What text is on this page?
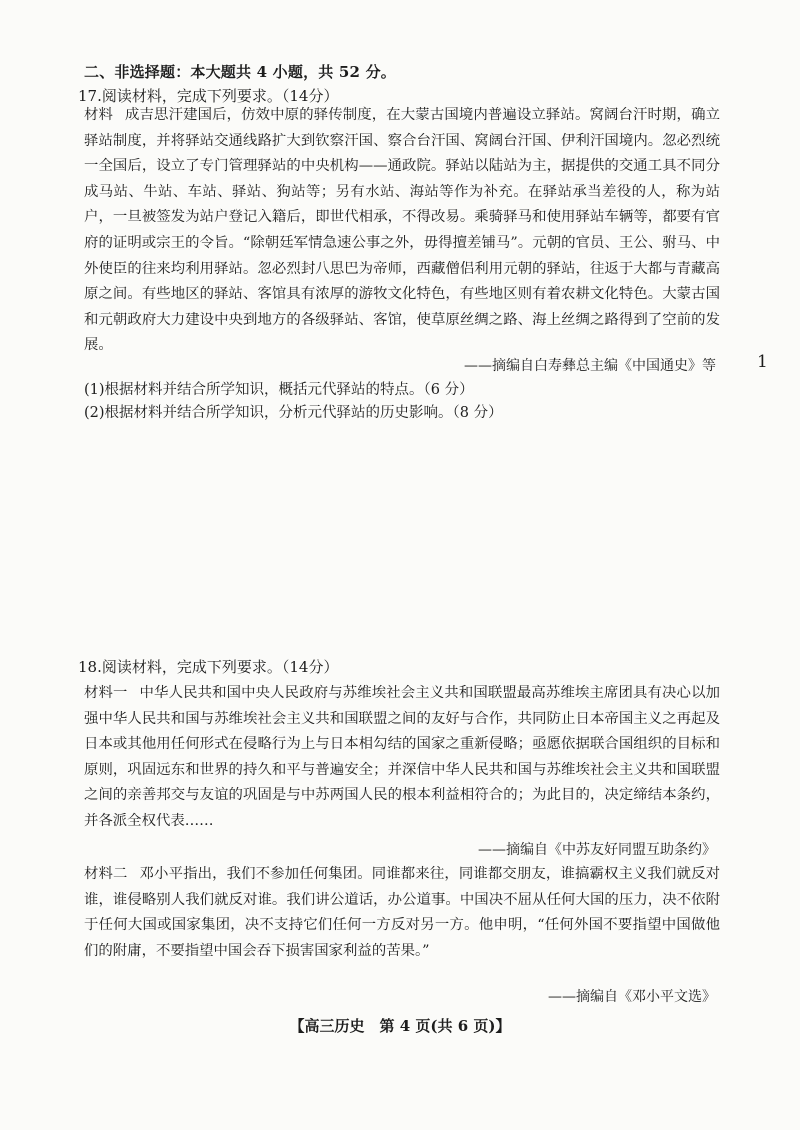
二、非选择题：本大题共 4 小题，共 52 分。
17.阅读材料，完成下列要求。（14分）
材料 成吉思汗建国后，仿效中原的驿传制度，在大蒙古国境内普遍设立驿站。窝阔台汗时期，确立驿站制度，并将驿站交通线路扩大到钦察汗国、察合台汗国、窝阔台汗国、伊利汗国境内。忽必烈统一全国后，设立了专门管理驿站的中央机构——通政院。驿站以陆站为主，据提供的交通工具不同分成马站、牛站、车站、驿站、狗站等；另有水站、海站等作为补充。在驿站承当差役的人，称为站户，一旦被签发为站户登记入籍后，即世代相承，不得改易。乘骑驿马和使用驿站车辆等，都要有官府的证明或宗王的令旨。“除朝廷军情急速公事之外，毋得擅差铺马”。元朝的官员、王公、驸马、中外使臣的往来均利用驿站。忽必烈封八思巴为帝师，西藏僧侣利用元朝的驿站，往返于大都与青藏高原之间。有些地区的驿站、客馆具有浓厚的游牧文化特色，有些地区则有着农耕文化特色。大蒙古国和元朝政府大力建设中央到地方的各级驿站、客馆，使草原丝绸之路、海上丝绸之路得到了空前的发展。
——摘编自白寿彝总主编《中国通史》等 1
(1)根据材料并结合所学知识，概括元代驿站的特点。（6 分）
(2)根据材料并结合所学知识，分析元代驿站的历史影响。（8 分）
18.阅读材料，完成下列要求。（14分）
材料一 中华人民共和国中央人民政府与苏维埃社会主义共和国联盟最高苏维埃主席团具有决心以加强中华人民共和国与苏维埃社会主义共和国联盟之间的友好与合作，共同防止日本帝国主义之再起及日本或其他用任何形式在侵略行为上与日本相勾结的国家之重新侵略；亟愿依据联合国组织的目标和原则，巩固远东和世界的持久和平与普遍安全；并深信中华人民共和国与苏维埃社会主义共和国联盟之间的亲善邦交与友谊的巩固是与中苏两国人民的根本利益相符合的；为此目的，决定缔结本条约，并各派全权代表……
——摘编自《中苏友好同盟互助条约》
材料二 邓小平指出，我们不参加任何集团。同谁都来往，同谁都交朋友，谁搞霸权主义我们就反对谁，谁侵略别人我们就反对谁。我们讲公道话，办公道事。中国决不屈从任何大国的压力，决不依附于任何大国或国家集团，决不支持它们任何一方反对另一方。他申明，“任何外国不要指望中国做他们的附庸，不要指望中国会吞下损害国家利益的苦果。”
——摘编自《邓小平文选》
【高三历史　第 4 页(共 6 页)】
